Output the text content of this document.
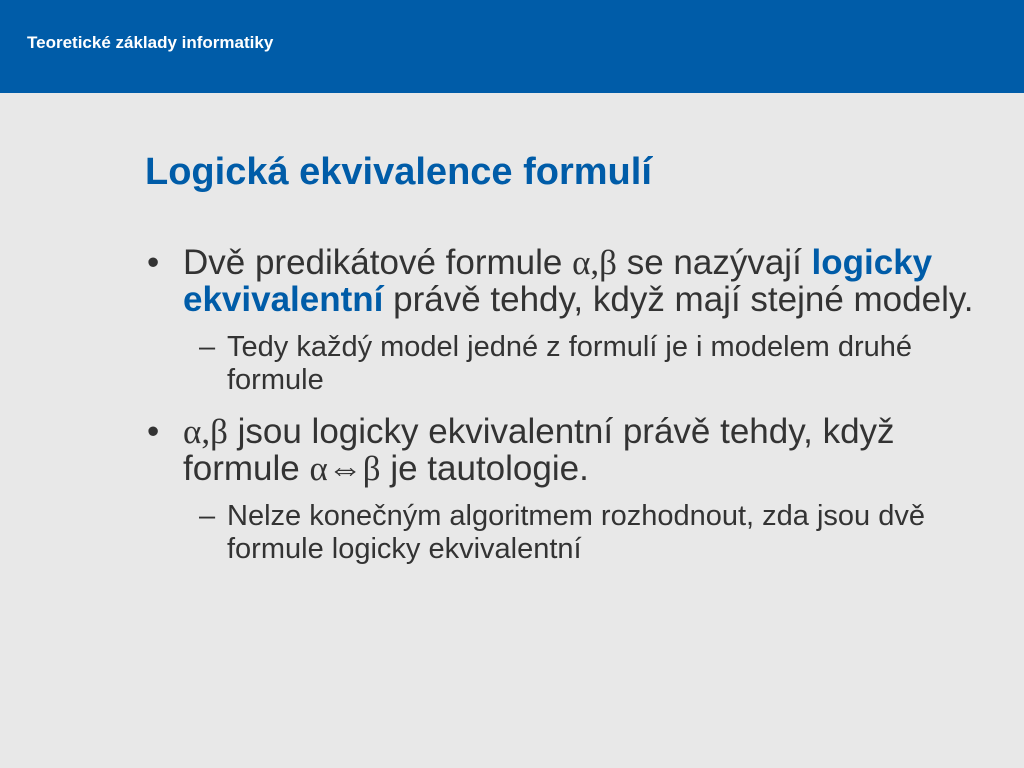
Teoretické základy informatiky
Logická ekvivalence formulí

• Dvě predikátové formule α,β se nazývají logicky ekvivalentní právě tehdy, když mají stejné modely.

– Tedy každý model jedné z formulí je i modelem druhé formule

• α,β jsou logicky ekvivalentní právě tehdy, když formule α⇔β je tautologie.

– Nelze konečným algoritmem rozhodnout, zda jsou dvě formule logicky ekvivalentní
